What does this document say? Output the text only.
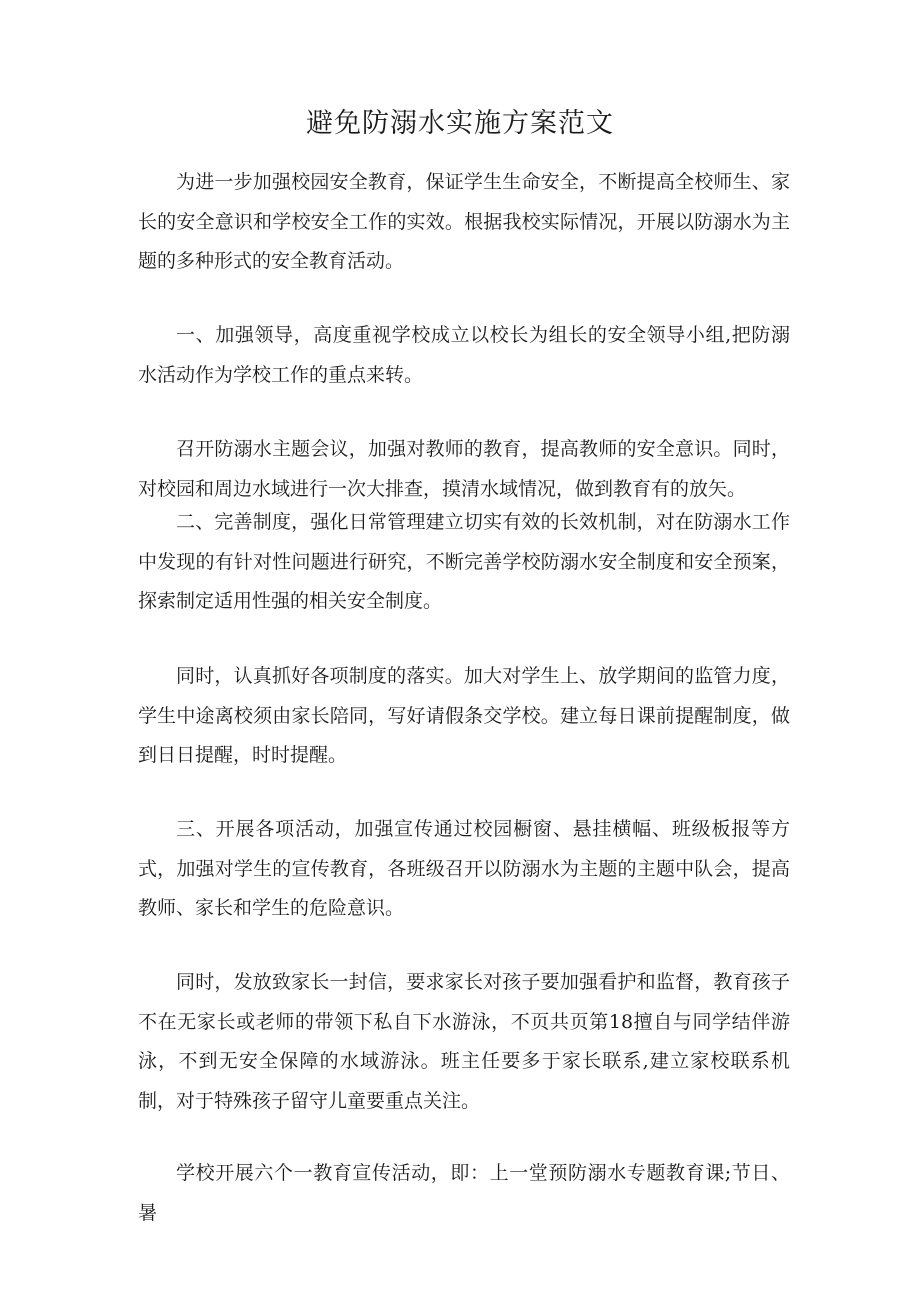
避免防溺水实施方案范文

为进一步加强校园安全教育，保证学生生命安全，不断提高全校师生、家长的安全意识和学校安全工作的实效。根据我校实际情况，开展以防溺水为主题的多种形式的安全教育活动。

一、加强领导，高度重视学校成立以校长为组长的安全领导小组,把防溺水活动作为学校工作的重点来转。

召开防溺水主题会议，加强对教师的教育，提高教师的安全意识。同时，对校园和周边水域进行一次大排查，摸清水域情况，做到教育有的放矢。

二、完善制度，强化日常管理建立切实有效的长效机制，对在防溺水工作中发现的有针对性问题进行研究，不断完善学校防溺水安全制度和安全预案，探索制定适用性强的相关安全制度。

同时，认真抓好各项制度的落实。加大对学生上、放学期间的监管力度，学生中途离校须由家长陪同，写好请假条交学校。建立每日课前提醒制度，做到日日提醒，时时提醒。

三、开展各项活动，加强宣传通过校园橱窗、悬挂横幅、班级板报等方式，加强对学生的宣传教育，各班级召开以防溺水为主题的主题中队会，提高教师、家长和学生的危险意识。

同时，发放致家长一封信，要求家长对孩子要加强看护和监督，教育孩子不在无家长或老师的带领下私自下水游泳，不页共页第18擅自与同学结伴游泳，不到无安全保障的水域游泳。班主任要多于家长联系,建立家校联系机制，对于特殊孩子留守儿童要重点关注。

学校开展六个一教育宣传活动，即：上一堂预防溺水专题教育课;节日、暑
